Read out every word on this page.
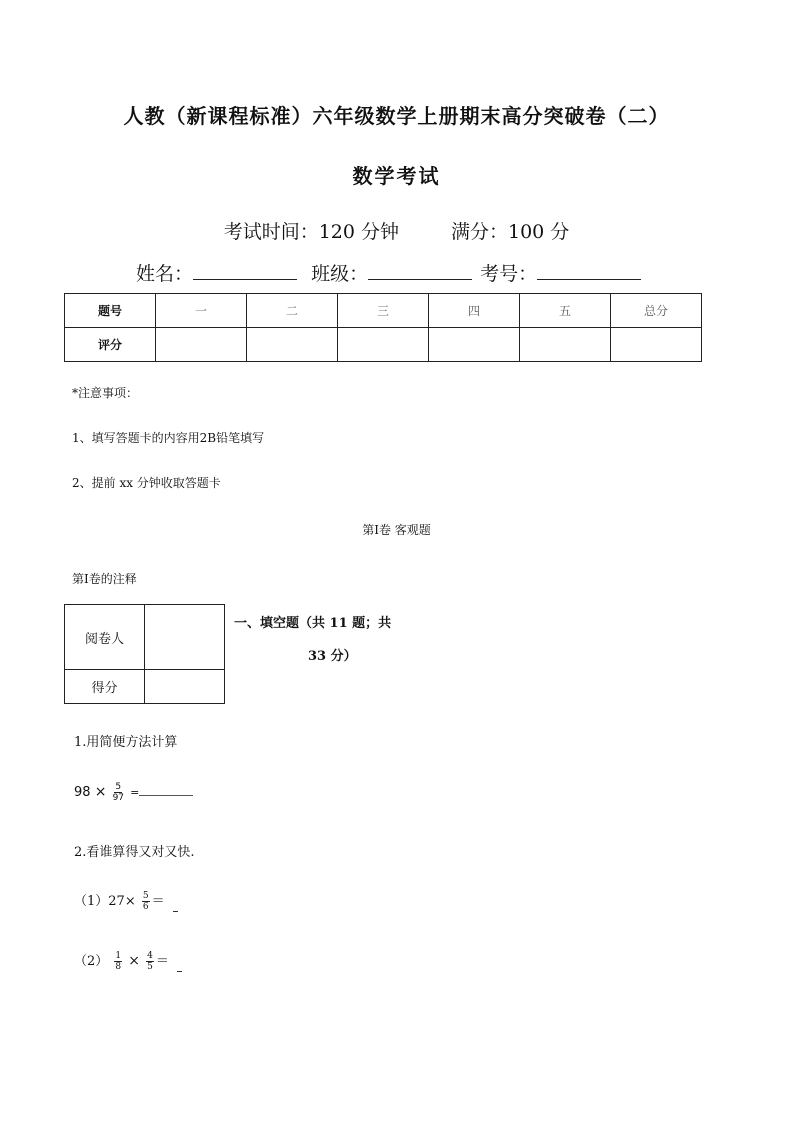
人教（新课程标准）六年级数学上册期末高分突破卷（二）
数学考试
考试时间：120 分钟	满分：100 分
姓名：	班级：	考号：
题号	一	二	三	四	五	总分
评分						
*注意事项：
1、填写答题卡的内容用2B铅笔填写
2、提前 xx 分钟收取答题卡
第Ⅰ卷 客观题
第Ⅰ卷的注释
阅卷人	
得分	
一、填空题（共 11 题；共
33 分）
1.用简便方法计算
$98 \times \frac{5}{97}$ =
2.看谁算得又对又快.
$(1)27\times \frac{5}{6}$ ＝
$(2) \frac{1}{8} \times \frac{4}{5}$ ＝
